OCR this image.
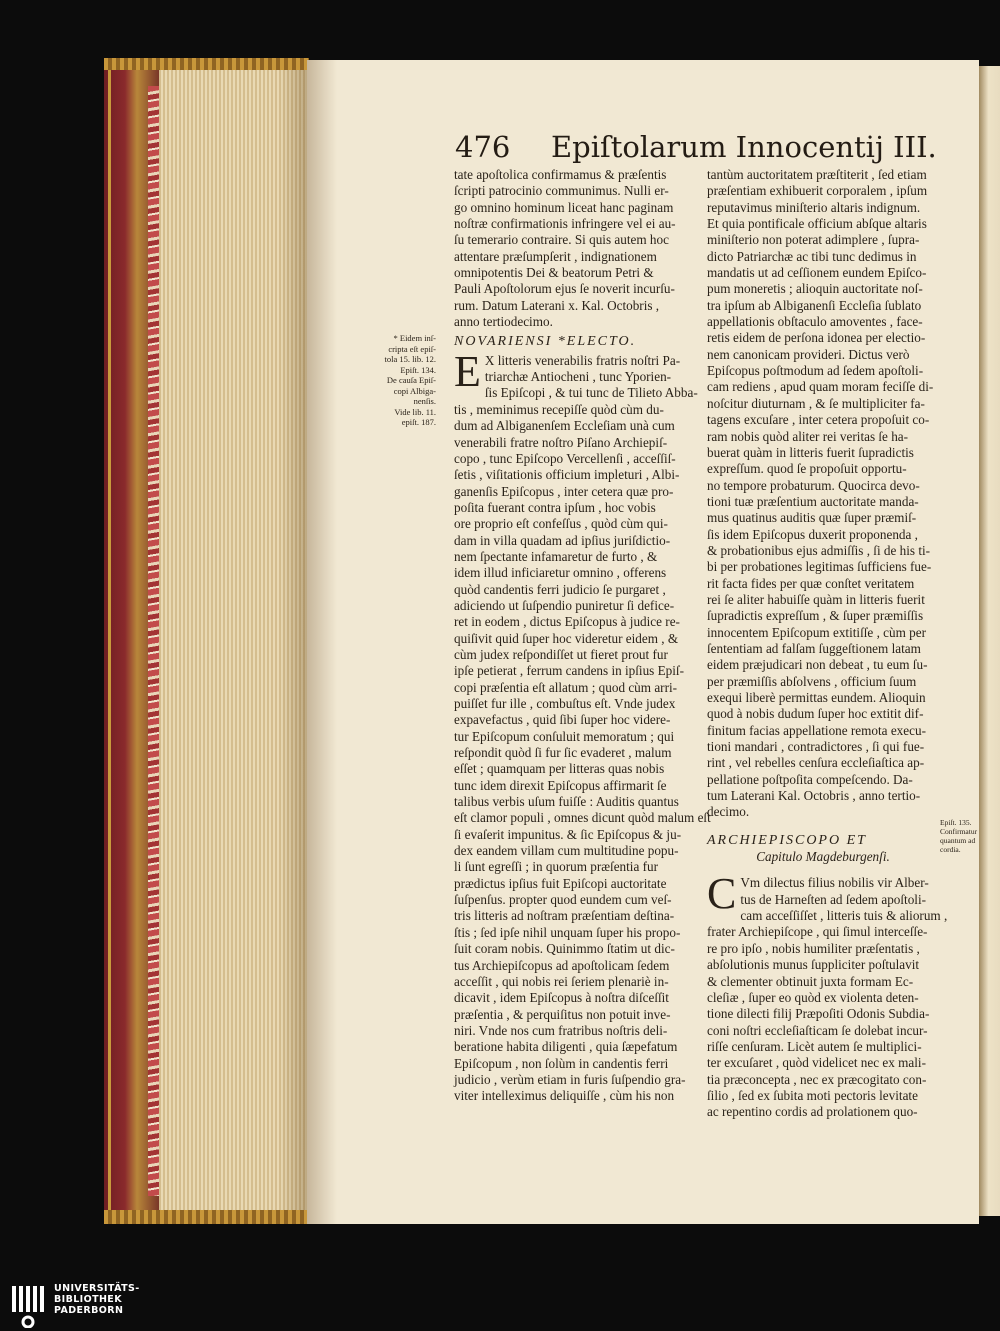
476 Epiſtolarum Innocentij III.
tate apoſtolica confirmamus & præſentis
ſcripti patrocinio communimus. Nulli er-
go omnino hominum liceat hanc paginam
noſtræ confirmationis infringere vel ei au-
ſu temerario contraire. Si quis autem hoc
attentare præſumpſerit , indignationem
omnipotentis Dei & beatorum Petri &
Pauli Apoſtolorum ejus ſe noverit incurſu-
rum. Datum Laterani x. Kal. Octobris ,
anno tertiodecimo.
NOVARIENSI *ELECTO.
E X litteris venerabilis fratris noſtri Pa-
triarchæ Antiocheni , tunc Yporien-
ſis Epiſcopi , & tui tunc de Tilieto Abba-
tis , meminimus recepiſſe quòd cùm du-
dum ad Albiganenſem Eccleſiam unà cum
venerabili fratre noſtro Piſano Archiepiſ-
copo , tunc Epiſcopo Vercellenſi , acceſſiſ-
ſetis , viſitationis officium impleturi , Albi-
ganenſis Epiſcopus , inter cetera quæ pro-
poſita fuerant contra ipſum , hoc vobis
ore proprio eſt confeſſus , quòd cùm qui-
dam in villa quadam ad ipſius juriſdictio-
nem ſpectante infamaretur de furto , &
idem illud inficiaretur omnino , offerens
quòd candentis ferri judicio ſe purgaret ,
adiciendo ut ſuſpendio puniretur ſi defice-
ret in eodem , dictus Epiſcopus à judice re-
quiſivit quid ſuper hoc videretur eidem , &
cùm judex reſpondiſſet ut fieret prout fur
ipſe petierat , ferrum candens in ipſius Epiſ-
copi præſentia eſt allatum ; quod cùm arri-
puiſſet fur ille , combuſtus eſt. Vnde judex
expavefactus , quid ſibi ſuper hoc videre-
tur Epiſcopum conſuluit memoratum ; qui
reſpondit quòd ſi fur ſic evaderet , malum
eſſet ; quamquam per litteras quas nobis
tunc idem direxit Epiſcopus affirmarit ſe
talibus verbis uſum fuiſſe : Auditis quantus
eſt clamor populi , omnes dicunt quòd malum eſt
ſi evaſerit impunitus. & ſic Epiſcopus & ju-
dex eandem villam cum multitudine popu-
li ſunt egreſſi ; in quorum præſentia fur
prædictus ipſius fuit Epiſcopi auctoritate
ſuſpenſus. propter quod eundem cum veſ-
tris litteris ad noſtram præſentiam deſtina-
ſtis ; ſed ipſe nihil unquam ſuper his propo-
ſuit coram nobis. Quinimmo ſtatim ut dic-
tus Archiepiſcopus ad apoſtolicam ſedem
acceſſit , qui nobis rei ſeriem plenariè in-
dicavit , idem Epiſcopus à noſtra diſceſſit
præſentia , & perquiſitus non potuit inve-
niri. Vnde nos cum fratribus noſtris deli-
beratione habita diligenti , quia ſæpefatum
Epiſcopum , non ſolùm in candentis ferri
judicio , verùm etiam in furis ſuſpendio gra-
viter intelleximus deliquiſſe , cùm his non
* Eidem inſ-
cripta eſt epiſ-
tola 15. lib. 12.
Epiſt. 134.
De cauſa Epiſ-
copi Albiga-
nenſis.
Vide lib. 11.
epiſt. 187.
tantùm auctoritatem præſtiterit , ſed etiam
præſentiam exhibuerit corporalem , ipſum
reputavimus miniſterio altaris indignum.
Et quia pontificale officium abſque altaris
miniſterio non poterat adimplere , ſupra-
dicto Patriarchæ ac tibi tunc dedimus in
mandatis ut ad ceſſionem eundem Epiſco-
pum moneretis ; alioquin auctoritate noſ-
tra ipſum ab Albiganenſi Eccleſia ſublato
appellationis obſtaculo amoventes , face-
retis eidem de perſona idonea per electio-
nem canonicam provideri. Dictus verò
Epiſcopus poſtmodum ad ſedem apoſtoli-
cam rediens , apud quam moram feciſſe di-
noſcitur diuturnam , & ſe multipliciter fa-
tagens excuſare , inter cetera propoſuit co-
ram nobis quòd aliter rei veritas ſe ha-
buerat quàm in litteris fuerit ſupradictis
expreſſum. quod ſe propoſuit opportu-
no tempore probaturum. Quocirca devo-
tioni tuæ præſentium auctoritate manda-
mus quatinus auditis quæ ſuper præmiſ-
ſis idem Epiſcopus duxerit proponenda ,
& probationibus ejus admiſſis , ſi de his ti-
bi per probationes legitimas ſufficiens fue-
rit facta fides per quæ conſtet veritatem
rei ſe aliter habuiſſe quàm in litteris fuerit
ſupradictis expreſſum , & ſuper præmiſſis
innocentem Epiſcopum extitiſſe , cùm per
ſententiam ad falſam ſuggeſtionem latam
eidem præjudicari non debeat , tu eum ſu-
per præmiſſis abſolvens , officium ſuum
exequi liberè permittas eundem. Alioquin
quod à nobis dudum ſuper hoc extitit dif-
finitum facias appellatione remota execu-
tioni mandari , contradictores , ſi qui fue-
rint , vel rebelles cenſura eccleſiaſtica ap-
pellatione poſtpoſita compeſcendo. Da-
tum Laterani Kal. Octobris , anno tertio-
decimo.
ARCHIEPISCOPO ET
Capitulo Magdeburgenſi.
C Vm dilectus filius nobilis vir Alber-
tus de Harneſten ad ſedem apoſtoli-
cam acceſſiſſet , litteris tuis & aliorum ,
frater Archiepiſcope , qui ſimul interceſſe-
re pro ipſo , nobis humiliter præſentatis ,
abſolutionis munus ſuppliciter poſtulavit
& clementer obtinuit juxta formam Ec-
cleſiæ , ſuper eo quòd ex violenta deten-
tione dilecti filij Præpoſiti Odonis Subdia-
coni noſtri eccleſiaſticam ſe dolebat incur-
riſſe cenſuram. Licèt autem ſe multiplici-
ter excuſaret , quòd videlicet nec ex mali-
tia præconcepta , nec ex præcogitato con-
ſilio , ſed ex ſubita moti pectoris levitate
ac repentino cordis ad prolationem quo-
Epiſt. 135.
Confirmatur
quantum ad
cordia.
UNIVERSITÄTS-
BIBLIOTHEK
PADERBORN
